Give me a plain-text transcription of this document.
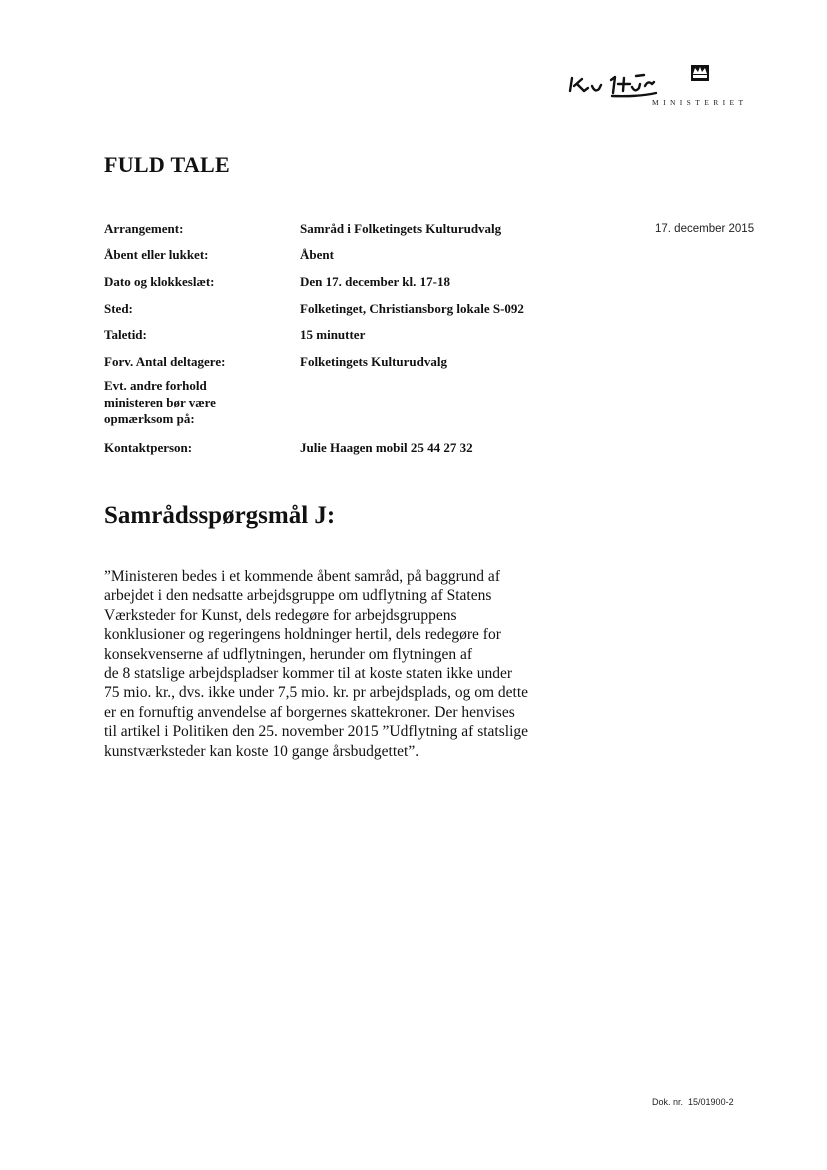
MINISTERIET
FULD TALE
17. december 2015
Arrangement:	Samråd i Folketingets Kulturudvalg
Åbent eller lukket:	Åbent
Dato og klokkeslæt:	Den 17. december kl. 17-18
Sted:	Folketinget, Christiansborg lokale S-092
Taletid:	15 minutter
Forv. Antal deltagere:	Folketingets Kulturudvalg
Evt. andre forhold ministeren bør være opmærksom på:
Kontaktperson:	Julie Haagen mobil 25 44 27 32
Samrådsspørgsmål J:
”Ministeren bedes i et kommende åbent samråd, på baggrund af
arbejdet i den nedsatte arbejdsgruppe om udflytning af Statens
Værksteder for Kunst, dels redegøre for arbejdsgruppens
konklusioner og regeringens holdninger hertil, dels redegøre for
konsekvenserne af udflytningen, herunder om flytningen af
de 8 statslige arbejdspladser kommer til at koste staten ikke under
75 mio. kr., dvs. ikke under 7,5 mio. kr. pr arbejdsplads, og om dette
er en fornuftig anvendelse af borgernes skattekroner. Der henvises
til artikel i Politiken den 25. november 2015 ”Udflytning af statslige
kunstværksteder kan koste 10 gange årsbudgettet”.
Dok. nr. 15/01900-2
